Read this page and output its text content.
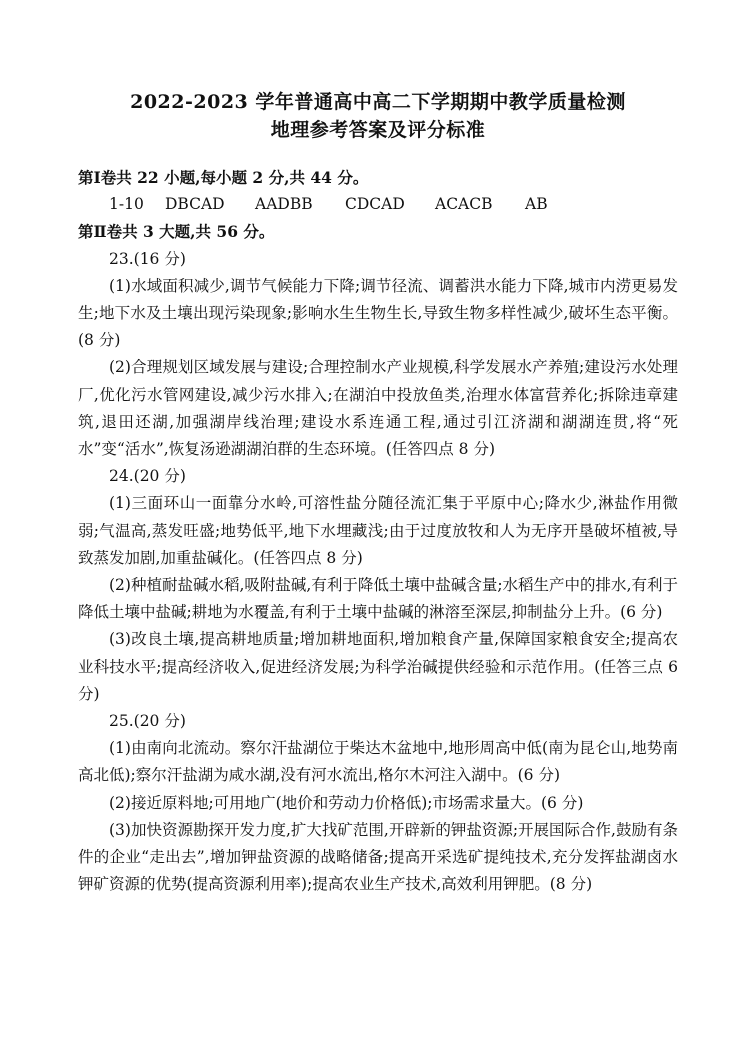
2022-2023 学年普通高中高二下学期期中教学质量检测

地理参考答案及评分标准

第Ⅰ卷共 22 小题,每小题 2 分,共 44 分。

1-10	DBCAD	AADBB	CDCAD	ACACB	AB

第Ⅱ卷共 3 大题,共 56 分。

23.(16 分)

(1)水域面积减少,调节气候能力下降;调节径流、调蓄洪水能力下降,城市内涝更易发生;地下水及土壤出现污染现象;影响水生生物生长,导致生物多样性减少,破坏生态平衡。(8 分)

(2)合理规划区域发展与建设;合理控制水产业规模,科学发展水产养殖;建设污水处理厂,优化污水管网建设,减少污水排入;在湖泊中投放鱼类,治理水体富营养化;拆除违章建筑,退田还湖,加强湖岸线治理;建设水系连通工程,通过引江济湖和湖湖连贯,将“死水”变“活水”,恢复汤逊湖湖泊群的生态环境。(任答四点 8 分)

24.(20 分)

(1)三面环山一面靠分水岭,可溶性盐分随径流汇集于平原中心;降水少,淋盐作用微弱;气温高,蒸发旺盛;地势低平,地下水埋藏浅;由于过度放牧和人为无序开垦破坏植被,导致蒸发加剧,加重盐碱化。(任答四点 8 分)

(2)种植耐盐碱水稻,吸附盐碱,有利于降低土壤中盐碱含量;水稻生产中的排水,有利于降低土壤中盐碱;耕地为水覆盖,有利于土壤中盐碱的淋溶至深层,抑制盐分上升。(6 分)

(3)改良土壤,提高耕地质量;增加耕地面积,增加粮食产量,保障国家粮食安全;提高农业科技水平;提高经济收入,促进经济发展;为科学治碱提供经验和示范作用。(任答三点 6 分)

25.(20 分)

(1)由南向北流动。察尔汗盐湖位于柴达木盆地中,地形周高中低(南为昆仑山,地势南高北低);察尔汗盐湖为咸水湖,没有河水流出,格尔木河注入湖中。(6 分)

(2)接近原料地;可用地广(地价和劳动力价格低);市场需求量大。(6 分)

(3)加快资源勘探开发力度,扩大找矿范围,开辟新的钾盐资源;开展国际合作,鼓励有条件的企业“走出去”,增加钾盐资源的战略储备;提高开采选矿提纯技术,充分发挥盐湖卤水钾矿资源的优势(提高资源利用率);提高农业生产技术,高效利用钾肥。(8 分)
